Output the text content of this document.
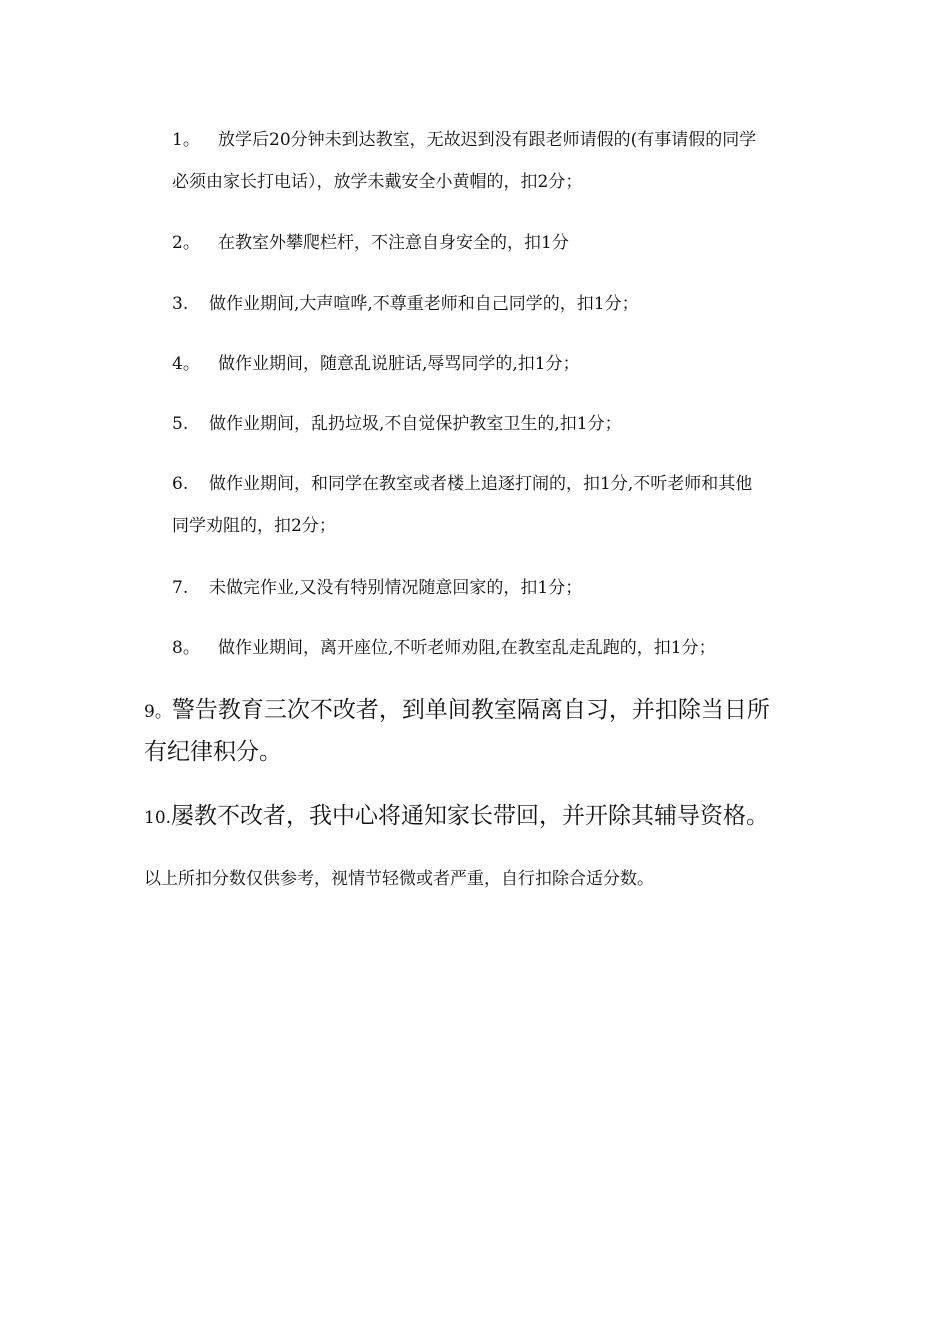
1。 放学后20分钟未到达教室，无故迟到没有跟老师请假的(有事请假的同学
必须由家长打电话），放学未戴安全小黄帽的，扣2分；
2。 在教室外攀爬栏杆，不注意自身安全的，扣1分
3. 做作业期间,大声喧哗,不尊重老师和自己同学的，扣1分；
4。 做作业期间，随意乱说脏话,辱骂同学的,扣1分；
5. 做作业期间，乱扔垃圾,不自觉保护教室卫生的,扣1分；
6. 做作业期间，和同学在教室或者楼上追逐打闹的，扣1分,不听老师和其他
同学劝阻的，扣2分；
7. 未做完作业,又没有特别情况随意回家的，扣1分；
8。 做作业期间，离开座位,不听老师劝阻,在教室乱走乱跑的，扣1分；
9。警告教育三次不改者，到单间教室隔离自习，并扣除当日所
有纪律积分。
10.屡教不改者，我中心将通知家长带回，并开除其辅导资格。
以上所扣分数仅供参考，视情节轻微或者严重，自行扣除合适分数。
